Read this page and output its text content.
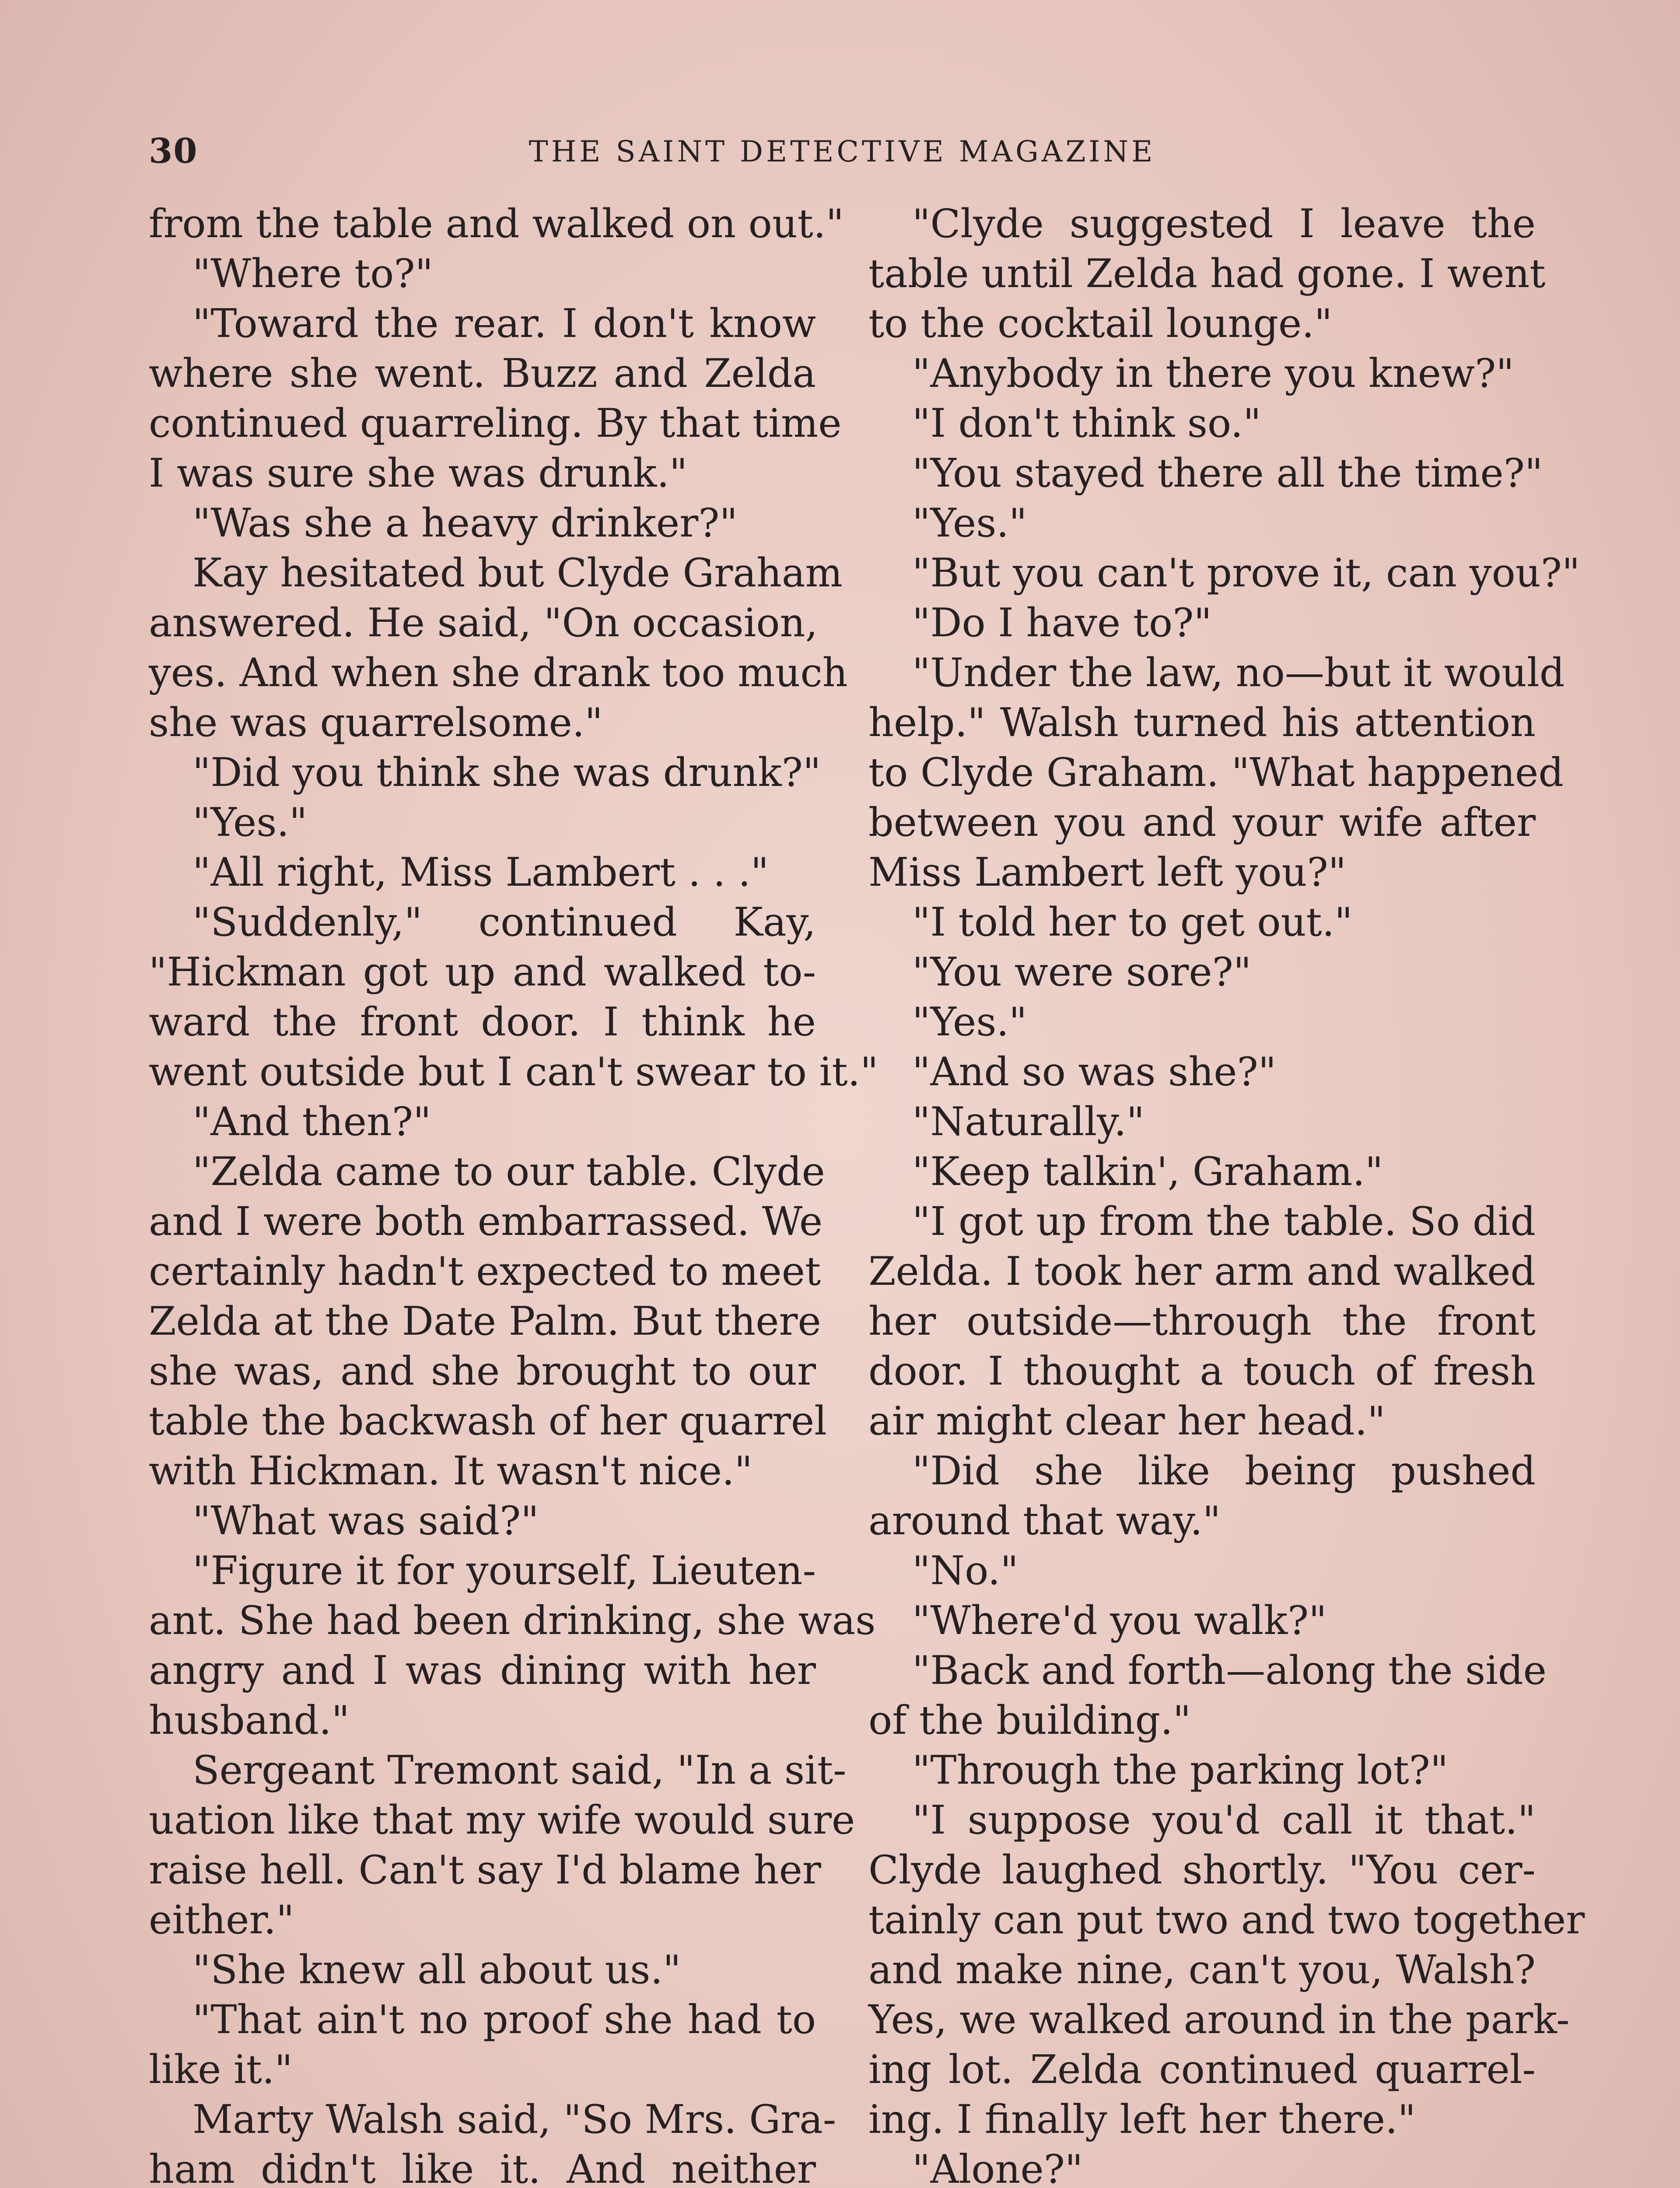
30	THE SAINT DETECTIVE MAGAZINE
from the table and walked on out."
"Where to?"
"Toward the rear. I don't know
where she went. Buzz and Zelda
continued quarreling. By that time
I was sure she was drunk."
"Was she a heavy drinker?"
Kay hesitated but Clyde Graham
answered. He said, "On occasion,
yes. And when she drank too much
she was quarrelsome."
"Did you think she was drunk?"
"Yes."
"All right, Miss Lambert . . ."
"Suddenly," continued Kay,
"Hickman got up and walked to-
ward the front door. I think he
went outside but I can't swear to it."
"And then?"
"Zelda came to our table. Clyde
and I were both embarrassed. We
certainly hadn't expected to meet
Zelda at the Date Palm. But there
she was, and she brought to our
table the backwash of her quarrel
with Hickman. It wasn't nice."
"What was said?"
"Figure it for yourself, Lieuten-
ant. She had been drinking, she was
angry and I was dining with her
husband."
Sergeant Tremont said, "In a sit-
uation like that my wife would sure
raise hell. Can't say I'd blame her
either."
"She knew all about us."
"That ain't no proof she had to
like it."
Marty Walsh said, "So Mrs. Gra-
ham didn't like it. And neither
"Clyde suggested I leave the
table until Zelda had gone. I went
to the cocktail lounge."
"Anybody in there you knew?"
"I don't think so."
"You stayed there all the time?"
"Yes."
"But you can't prove it, can you?"
"Do I have to?"
"Under the law, no—but it would
help." Walsh turned his attention
to Clyde Graham. "What happened
between you and your wife after
Miss Lambert left you?"
"I told her to get out."
"You were sore?"
"Yes."
"And so was she?"
"Naturally."
"Keep talkin', Graham."
"I got up from the table. So did
Zelda. I took her arm and walked
her outside—through the front
door. I thought a touch of fresh
air might clear her head."
"Did she like being pushed
around that way."
"No."
"Where'd you walk?"
"Back and forth—along the side
of the building."
"Through the parking lot?"
"I suppose you'd call it that."
Clyde laughed shortly. "You cer-
tainly can put two and two together
and make nine, can't you, Walsh?
Yes, we walked around in the park-
ing lot. Zelda continued quarrel-
ing. I finally left her there."
"Alone?"
